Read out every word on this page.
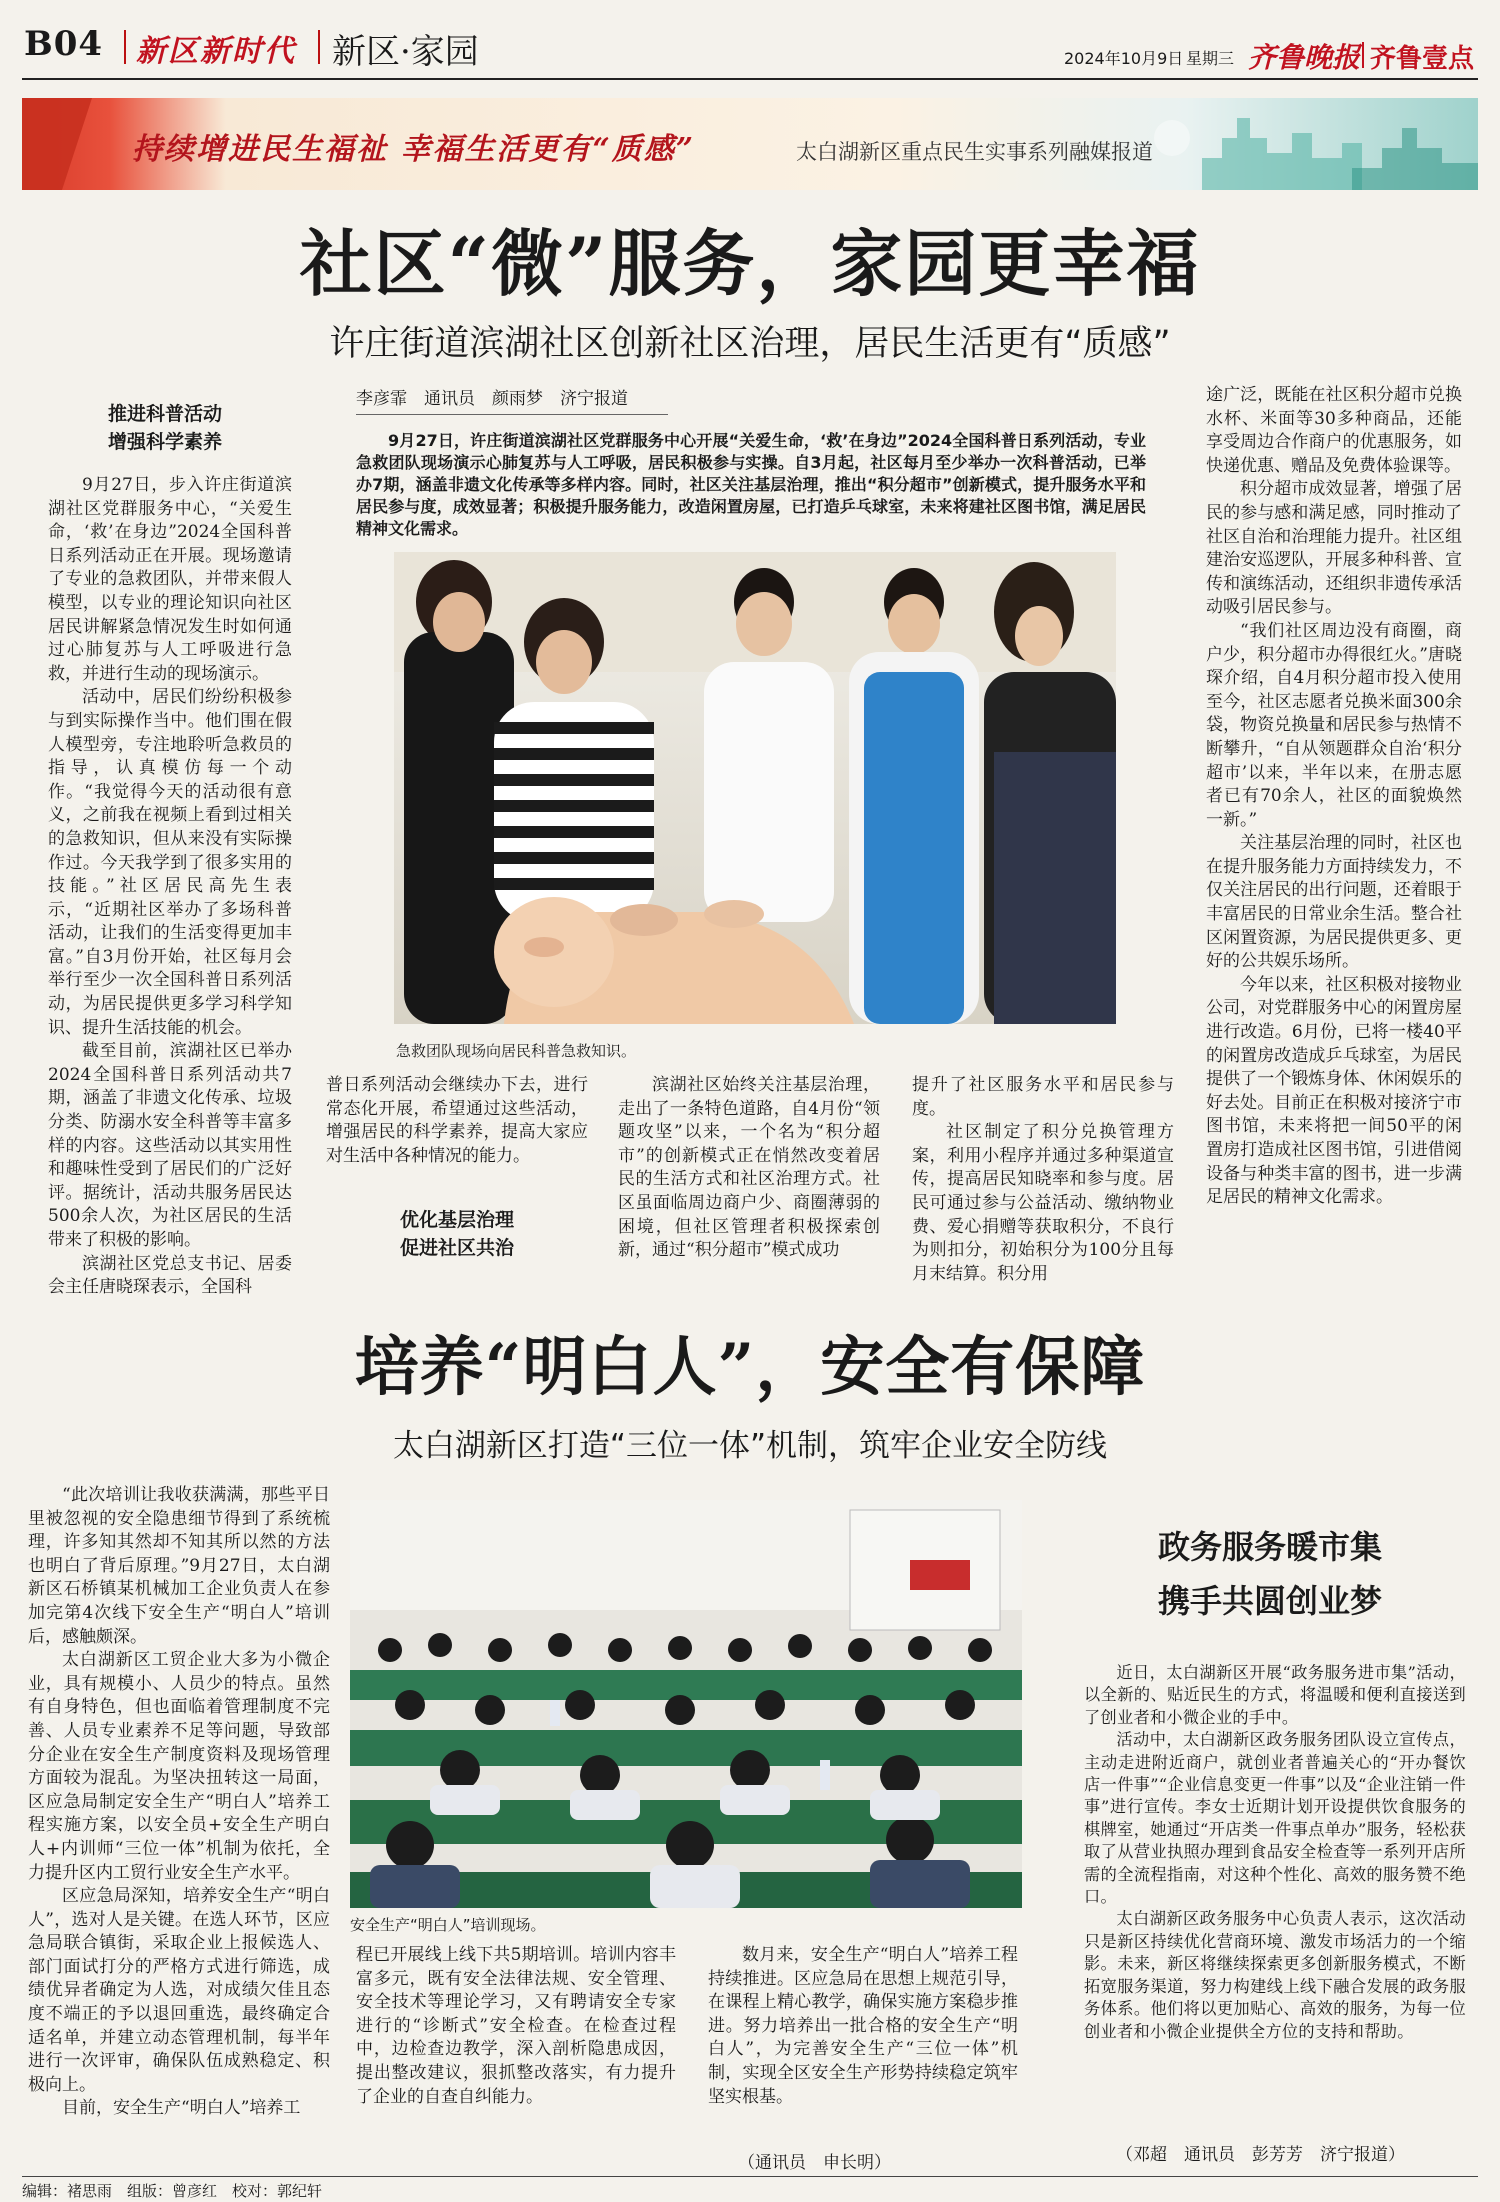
B04 新区新时代 新区·家园	2024年10月9日 星期三 齐鲁晚报 齐鲁壹点
持续增进民生福祉 幸福生活更有“质感”	太白湖新区重点民生实事系列融媒报道
社区“微”服务，家园更幸福
许庄街道滨湖社区创新社区治理，居民生活更有“质感”
推进科普活动
增强科学素养

9月27日，步入许庄街道滨湖社区党群服务中心，“关爱生命，‘救’在身边”2024全国科普日系列活动正在开展。现场邀请了专业的急救团队，并带来假人模型，以专业的理论知识向社区居民讲解紧急情况发生时如何通过心肺复苏与人工呼吸进行急救，并进行生动的现场演示。

活动中，居民们纷纷积极参与到实际操作当中。他们围在假人模型旁，专注地聆听急救员的指导，认真模仿每一个动作。“我觉得今天的活动很有意义，之前我在视频上看到过相关的急救知识，但从来没有实际操作过。今天我学到了很多实用的技能。”社区居民高先生表示，“近期社区举办了多场科普活动，让我们的生活变得更加丰富。”自3月份开始，社区每月会举行至少一次全国科普日系列活动，为居民提供更多学习科学知识、提升生活技能的机会。

截至目前，滨湖社区已举办2024全国科普日系列活动共7期，涵盖了非遗文化传承、垃圾分类、防溺水安全科普等丰富多样的内容。这些活动以其实用性和趣味性受到了居民们的广泛好评。据统计，活动共服务居民达500余人次，为社区居民的生活带来了积极的影响。

滨湖社区党总支书记、居委会主任唐晓琛表示，全国科

李彦霏　通讯员　颜雨梦　济宁报道

9月27日，许庄街道滨湖社区党群服务中心开展“关爱生命，‘救’在身边”2024全国科普日系列活动，专业急救团队现场演示心肺复苏与人工呼吸，居民积极参与实操。自3月起，社区每月至少举办一次科普活动，已举办7期，涵盖非遗文化传承等多样内容。同时，社区关注基层治理，推出“积分超市”创新模式，提升服务水平和居民参与度，成效显著；积极提升服务能力，改造闲置房屋，已打造乒乓球室，未来将建社区图书馆，满足居民精神文化需求。

急救团队现场向居民科普急救知识。

普日系列活动会继续办下去，进行常态化开展，希望通过这些活动，增强居民的科学素养，提高大家应对生活中各种情况的能力。

优化基层治理
促进社区共治

滨湖社区始终关注基层治理，走出了一条特色道路，自4月份“领题攻坚”以来，一个名为“积分超市”的创新模式正在悄然改变着居民的生活方式和社区治理方式。社区虽面临周边商户少、商圈薄弱的困境，但社区管理者积极探索创新，通过“积分超市”模式成功

提升了社区服务水平和居民参与度。

社区制定了积分兑换管理方案，利用小程序并通过多种渠道宣传，提高居民知晓率和参与度。居民可通过参与公益活动、缴纳物业费、爱心捐赠等获取积分，不良行为则扣分，初始积分为100分且每月末结算。积分用

途广泛，既能在社区积分超市兑换水杯、米面等30多种商品，还能享受周边合作商户的优惠服务，如快递优惠、赠品及免费体验课等。

积分超市成效显著，增强了居民的参与感和满足感，同时推动了社区自治和治理能力提升。社区组建治安巡逻队，开展多种科普、宣传和演练活动，还组织非遗传承活动吸引居民参与。

“我们社区周边没有商圈，商户少，积分超市办得很红火。”唐晓琛介绍，自4月积分超市投入使用至今，社区志愿者兑换米面300余袋，物资兑换量和居民参与热情不断攀升，“自从领题群众自治‘积分超市’以来，半年以来，在册志愿者已有70余人，社区的面貌焕然一新。”

关注基层治理的同时，社区也在提升服务能力方面持续发力，不仅关注居民的出行问题，还着眼于丰富居民的日常业余生活。整合社区闲置资源，为居民提供更多、更好的公共娱乐场所。

今年以来，社区积极对接物业公司，对党群服务中心的闲置房屋进行改造。6月份，已将一楼40平的闲置房改造成乒乓球室，为居民提供了一个锻炼身体、休闲娱乐的好去处。目前正在积极对接济宁市图书馆，未来将把一间50平的闲置房打造成社区图书馆，引进借阅设备与种类丰富的图书，进一步满足居民的精神文化需求。

培养“明白人”，安全有保障
太白湖新区打造“三位一体”机制，筑牢企业安全防线

“此次培训让我收获满满，那些平日里被忽视的安全隐患细节得到了系统梳理，许多知其然却不知其所以然的方法也明白了背后原理。”9月27日，太白湖新区石桥镇某机械加工企业负责人在参加完第4次线下安全生产“明白人”培训后，感触颇深。

太白湖新区工贸企业大多为小微企业，具有规模小、人员少的特点。虽然有自身特色，但也面临着管理制度不完善、人员专业素养不足等问题，导致部分企业在安全生产制度资料及现场管理方面较为混乱。为坚决扭转这一局面，区应急局制定安全生产“明白人”培养工程实施方案，以安全员+安全生产明白人+内训师“三位一体”机制为依托，全力提升区内工贸行业安全生产水平。

区应急局深知，培养安全生产“明白人”，选对人是关键。在选人环节，区应急局联合镇街，采取企业上报候选人、部门面试打分的严格方式进行筛选，成绩优异者确定为人选，对成绩欠佳且态度不端正的予以退回重选，最终确定合适名单，并建立动态管理机制，每半年进行一次评审，确保队伍成熟稳定、积极向上。

目前，安全生产“明白人”培养工

安全生产“明白人”培训现场。

程已开展线上线下共5期培训。培训内容丰富多元，既有安全法律法规、安全管理、安全技术等理论学习，又有聘请安全专家进行的“诊断式”安全检查。在检查过程中，边检查边教学，深入剖析隐患成因，提出整改建议，狠抓整改落实，有力提升了企业的自查自纠能力。

数月来，安全生产“明白人”培养工程持续推进。区应急局在思想上规范引导，在课程上精心教学，确保实施方案稳步推进。努力培养出一批合格的安全生产“明白人”，为完善安全生产“三位一体”机制，实现全区安全生产形势持续稳定筑牢坚实根基。

（通讯员　申长明）
政务服务暖市集
携手共圆创业梦

近日，太白湖新区开展“政务服务进市集”活动，以全新的、贴近民生的方式，将温暖和便利直接送到了创业者和小微企业的手中。

活动中，太白湖新区政务服务团队设立宣传点，主动走进附近商户，就创业者普遍关心的“开办餐饮店一件事”“企业信息变更一件事”以及“企业注销一件事”进行宣传。李女士近期计划开设提供饮食服务的棋牌室，她通过“开店类一件事点单办”服务，轻松获取了从营业执照办理到食品安全检查等一系列开店所需的全流程指南，对这种个性化、高效的服务赞不绝口。

太白湖新区政务服务中心负责人表示，这次活动只是新区持续优化营商环境、激发市场活力的一个缩影。未来，新区将继续探索更多创新服务模式，不断拓宽服务渠道，努力构建线上线下融合发展的政务服务体系。他们将以更加贴心、高效的服务，为每一位创业者和小微企业提供全方位的支持和帮助。

（邓超　通讯员　彭芳芳　济宁报道）
编辑：褚思雨　组版：曾彦红　校对：郭纪轩
